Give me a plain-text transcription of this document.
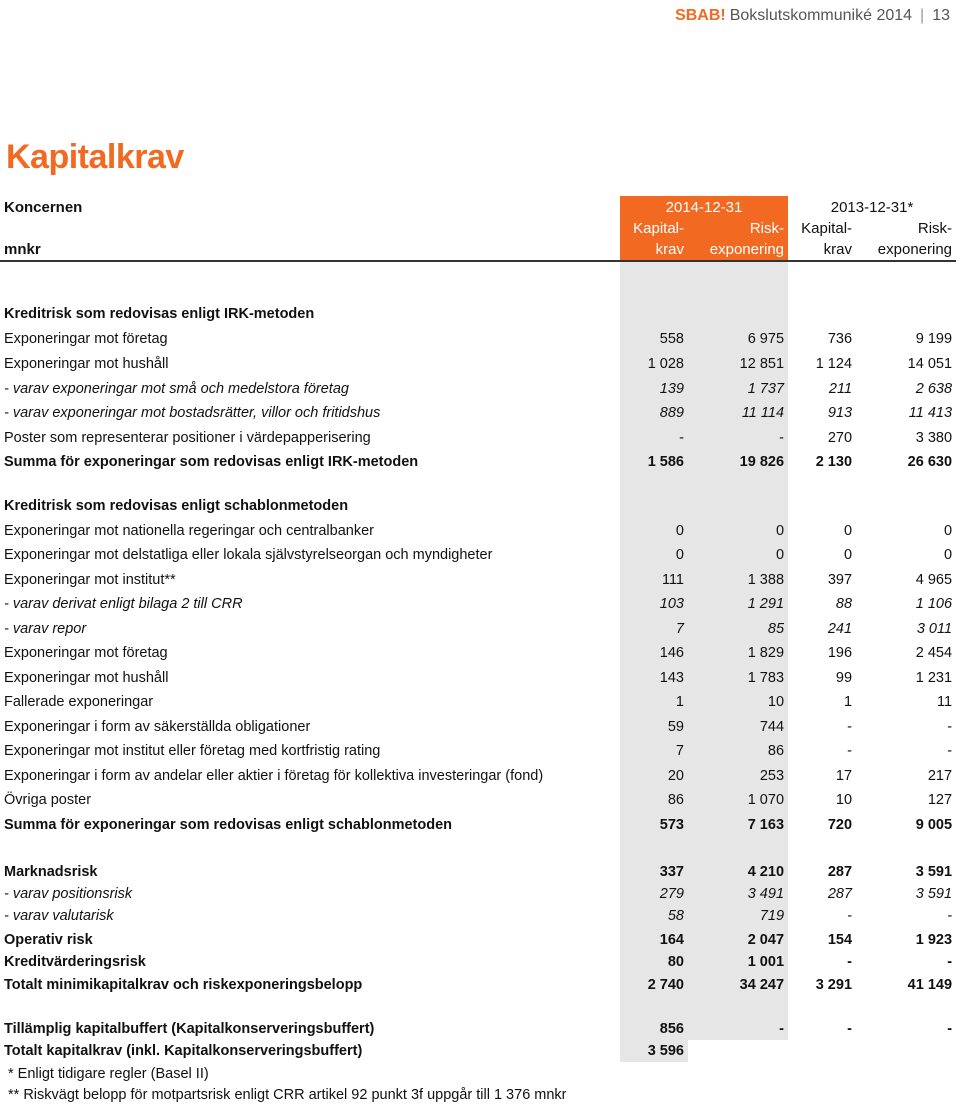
SBAB! Bokslutskommuniké 2014 | 13
Kapitalkrav
Koncernen	2014-12-31		2013-12-31*	
	Kapital-	Risk-	Kapital-	Risk-
mnkr	krav	exponering	krav	exponering

Kreditrisk som redovisas enligt IRK-metoden				
Exponeringar mot företag	558	6 975	736	9 199
Exponeringar mot hushåll	1 028	12 851	1 124	14 051
- varav exponeringar mot små och medelstora företag	139	1 737	211	2 638
- varav exponeringar mot bostadsrätter, villor och fritidshus	889	11 114	913	11 413
Poster som representerar positioner i värdepapperisering	-	-	270	3 380
Summa för exponeringar som redovisas enligt IRK-metoden	1 586	19 826	2 130	26 630

Kreditrisk som redovisas enligt schablonmetoden				
Exponeringar mot nationella regeringar och centralbanker	0	0	0	0
Exponeringar mot delstatliga eller lokala självstyrelseorgan och myndigheter	0	0	0	0
Exponeringar mot institut**	111	1 388	397	4 965
- varav derivat enligt bilaga 2 till CRR	103	1 291	88	1 106
- varav repor	7	85	241	3 011
Exponeringar mot företag	146	1 829	196	2 454
Exponeringar mot hushåll	143	1 783	99	1 231
Fallerade exponeringar	1	10	1	11
Exponeringar i form av säkerställda obligationer	59	744	-	-
Exponeringar mot institut eller företag med kortfristig rating	7	86	-	-
Exponeringar i form av andelar eller aktier i företag för kollektiva investeringar (fond)	20	253	17	217
Övriga poster	86	1 070	10	127
Summa för exponeringar som redovisas enligt schablonmetoden	573	7 163	720	9 005

Marknadsrisk	337	4 210	287	3 591
- varav positionsrisk	279	3 491	287	3 591
- varav valutarisk	58	719	-	-

Operativ risk	164	2 047	154	1 923
Kreditvärderingsrisk	80	1 001	-	-
Totalt minimikapitalkrav och riskexponeringsbelopp	2 740	34 247	3 291	41 149

Tillämplig kapitalbuffert (Kapitalkonserveringsbuffert)	856	-	-	-
Totalt kapitalkrav (inkl. Kapitalkonserveringsbuffert)	3 596			
* Enligt tidigare regler (Basel II)
** Riskvägt belopp för motpartsrisk enligt CRR artikel 92 punkt 3f uppgår till 1 376 mnkr
